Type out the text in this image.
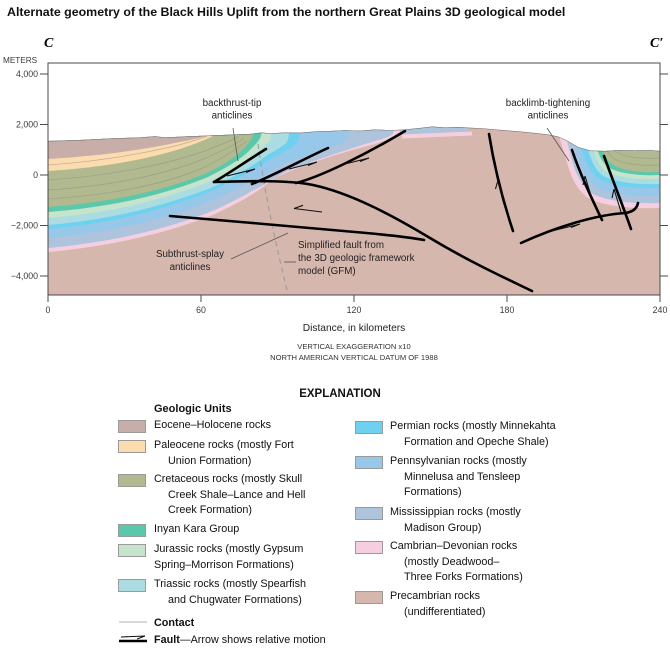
Alternate geometry of the Black Hills Uplift from the northern Great Plains 3D geological model
C	C′
METERS
4,000
2,000
0
−2,000
−4,000
0	60	120	180	240
Distance, in kilometers
VERTICAL EXAGGERATION x10
NORTH AMERICAN VERTICAL DATUM OF 1988
backthrust-tip
anticlines
backlimb-tightening
anticlines
Subthrust-splay
anticlines
Simplified fault from
the 3D geologic framework
model (GFM)
EXPLANATION
Geologic Units
Eocene–Holocene rocks
Paleocene rocks (mostly Fort
Union Formation)
Cretaceous rocks (mostly Skull
Creek Shale–Lance and Hell
Creek Formation)
Inyan Kara Group
Jurassic rocks (mostly Gypsum
Spring–Morrison Formations)
Triassic rocks (mostly Spearfish
and Chugwater Formations)
Permian rocks (mostly Minnekahta
Formation and Opeche Shale)
Pennsylvanian rocks (mostly
Minnelusa and Tensleep
Formations)
Mississippian rocks (mostly
Madison Group)
Cambrian–Devonian rocks
(mostly Deadwood–
Three Forks Formations)
Precambrian rocks
(undifferentiated)
Contact
Fault—Arrow shows relative motion
